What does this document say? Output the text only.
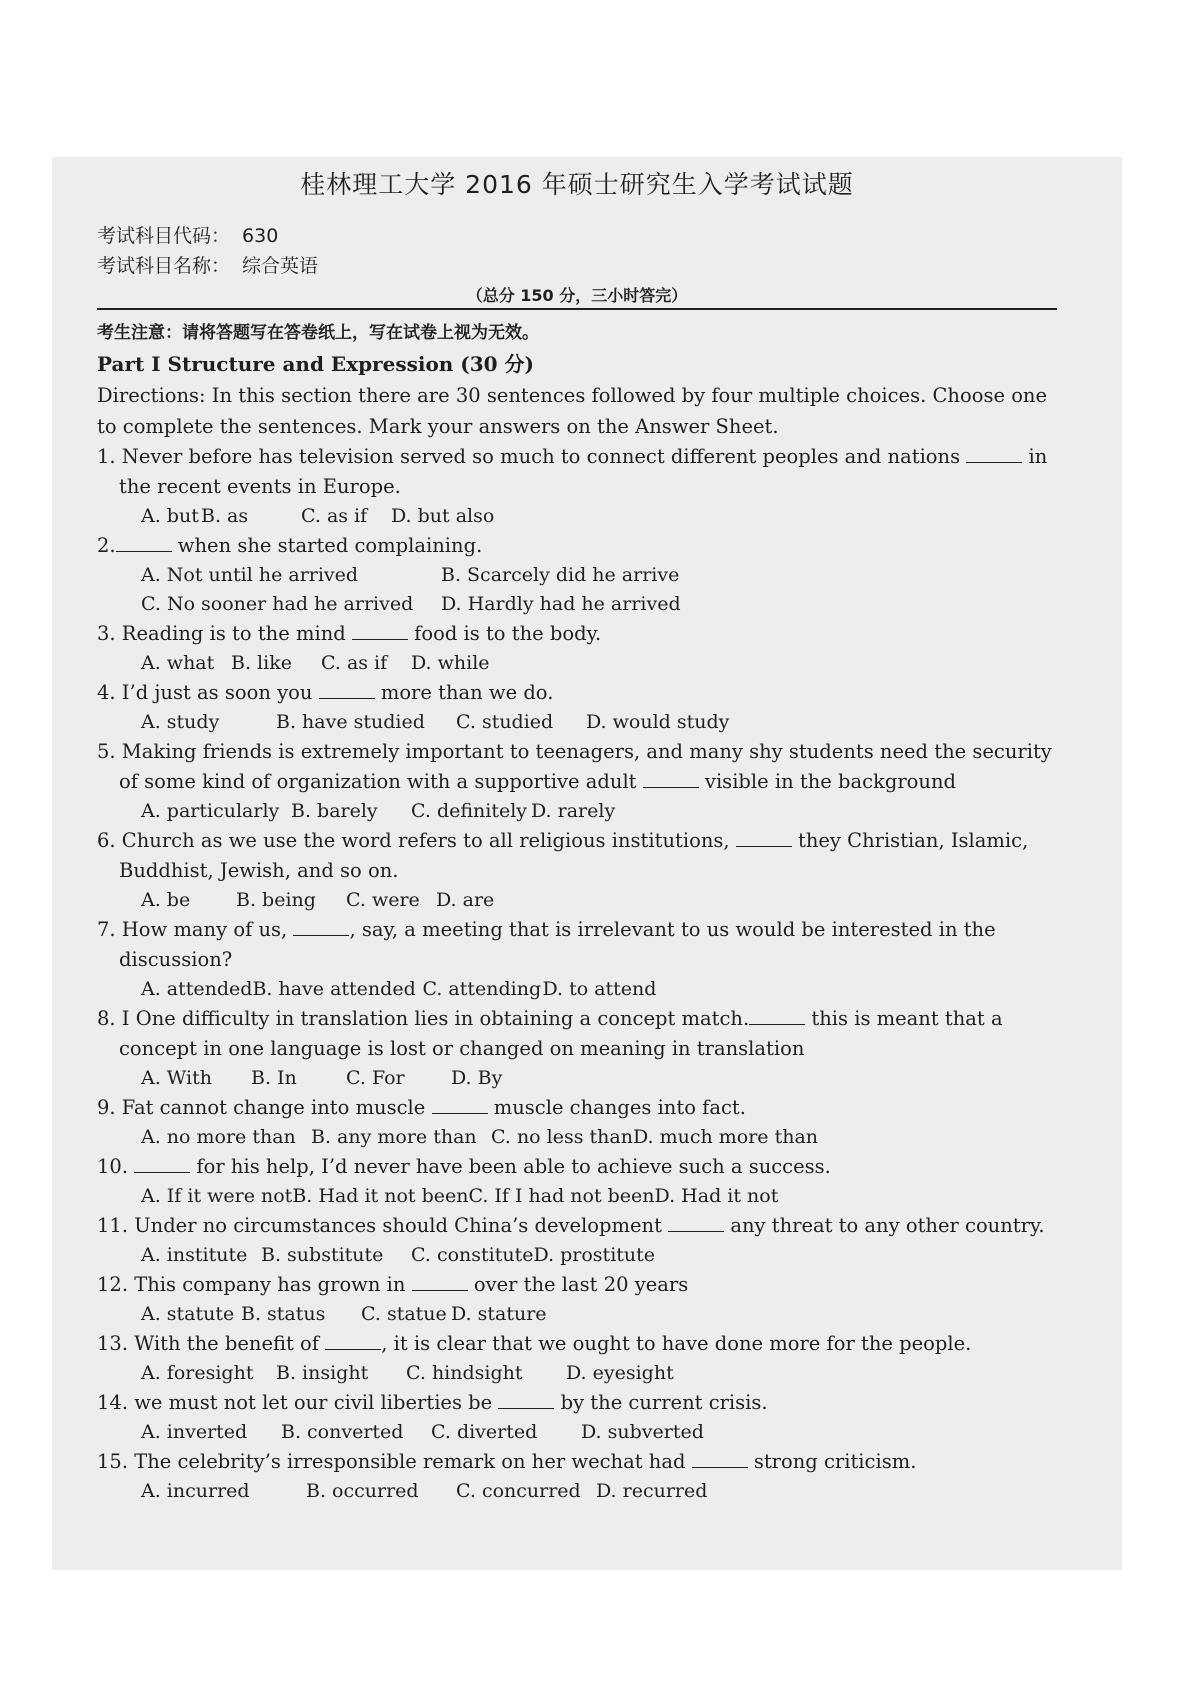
桂林理工大学 2016 年硕士研究生入学考试试题
考试科目代码： 630
考试科目名称： 综合英语
（总分 150 分，三小时答完）
考生注意：请将答题写在答卷纸上，写在试卷上视为无效。
Part I Structure and Expression (30 分)
Directions: In this section there are 30 sentences followed by four multiple choices. Choose one to complete the sentences. Mark your answers on the Answer Sheet.
1. Never before has television served so much to connect different peoples and nations	in the recent events in Europe.
A. but B. as	C. as if D. but also
2.	when she started complaining.
A. Not until he arrived	B. Scarcely did he arrive
C. No sooner had he arrived D. Hardly had he arrived
3. Reading is to the mind	food is to the body.
A. what B. like C. as if D. while
4. I’d just as soon you	more than we do.
A. study	B. have studied C. studied D. would study
5. Making friends is extremely important to teenagers, and many shy students need the security of some kind of organization with a supportive adult	visible in the background
A. particularly B. barely C. definitely D. rarely
6. Church as we use the word refers to all religious institutions,	they Christian, Islamic, Buddhist, Jewish, and so on.
A. be B. being C. were D. are
7. How many of us,	, say, a meeting that is irrelevant to us would be interested in the discussion?
A. attendedB. have attended C. attendingD. to attend
8. I One difficulty in translation lies in obtaining a concept match.	this is meant that a concept in one language is lost or changed on meaning in translation
A. With B. In	C. For D. By
9. Fat cannot change into muscle	muscle changes into fact.
A. no more than B. any more than C. no less thanD. much more than
10.	for his help, I’d never have been able to achieve such a success.
A. If it were notB. Had it not beenC. If I had not beenD. Had it not
11. Under no circumstances should China’s development	any threat to any other country.
A. institute B. substitute C. constituteD. prostitute
12. This company has grown in	over the last 20 years
A. statute B. status C. statue D. stature
13. With the benefit of	, it is clear that we ought to have done more for the people.
A. foresight B. insight C. hindsight D. eyesight
14. we must not let our civil liberties be	by the current crisis.
A. inverted B. converted C. diverted D. subverted
15. The celebrity’s irresponsible remark on her wechat had	strong criticism.
A. incurred	B. occurred C. concurred D. recurred
